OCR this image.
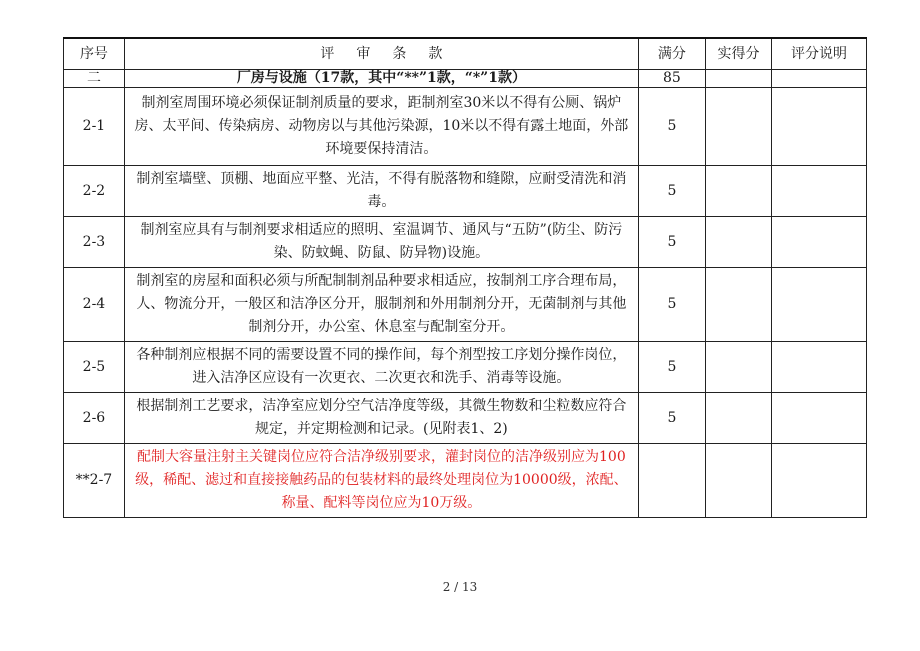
序号	评审条款	满分	实得分	评分说明
二	厂房与设施（17款，其中“**”1款，“*”1款）	85		
2-1	制剂室周围环境必须保证制剂质量的要求，距制剂室30米以不得有公厕、锅炉房、太平间、传染病房、动物房以与其他污染源，10米以不得有露土地面，外部环境要保持清洁。	5		
2-2	制剂室墙壁、顶棚、地面应平整、光洁，不得有脱落物和缝隙，应耐受清洗和消毒。	5		
2-3	制剂室应具有与制剂要求相适应的照明、室温调节、通风与“五防”(防尘、防污染、防蚊蝇、防鼠、防异物)设施。	5		
2-4	制剂室的房屋和面积必须与所配制制剂品种要求相适应，按制剂工序合理布局，人、物流分开，一般区和洁净区分开，服制剂和外用制剂分开，无菌制剂与其他制剂分开，办公室、休息室与配制室分开。	5		
2-5	各种制剂应根据不同的需要设置不同的操作间，每个剂型按工序划分操作岗位，进入洁净区应设有一次更衣、二次更衣和洗手、消毒等设施。	5		
2-6	根据制剂工艺要求，洁净室应划分空气洁净度等级，其微生物数和尘粒数应符合规定，并定期检测和记录。(见附表1、2)	5		
**2-7	配制大容量注射主关键岗位应符合洁净级别要求，灌封岗位的洁净级别应为100级，稀配、滤过和直接接触药品的包装材料的最终处理岗位为10000级，浓配、称量、配料等岗位应为10万级。			
2 / 13
